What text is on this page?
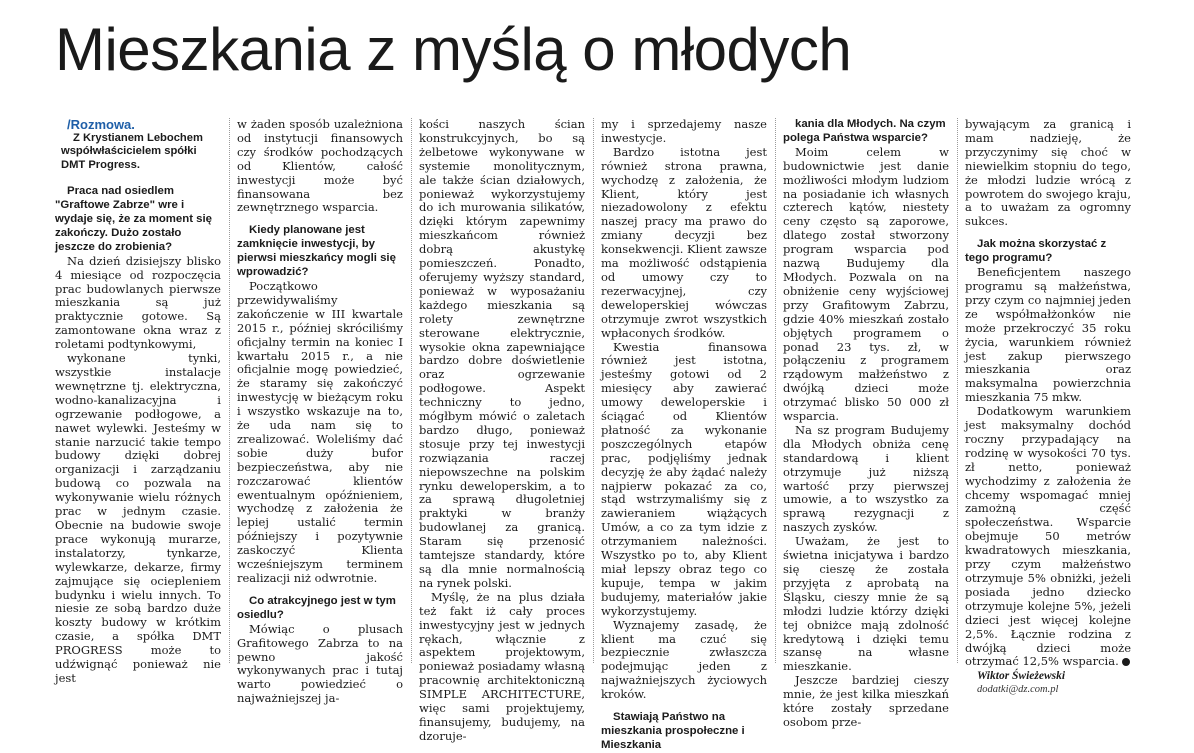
Mieszkania z myślą o młodych

/Rozmowa.

Z Krystianem Lebochem współwłaścicielem spółki DMT Progress.

Praca nad osiedlem "Graftowe Zabrze" wre i wydaje się, że za moment się zakończy. Dużo zostało jeszcze do zrobienia?

Na dzień dzisiejszy blisko 4 miesiące od rozpoczęcia prac budowlanych pierwsze mieszkania są już praktycznie gotowe. Są zamontowane okna wraz z roletami podtynkowymi,

wykonane tynki, wszystkie instalacje wewnętrzne tj. elektryczna, wodno-kanalizacyjna i ogrzewanie podłogowe, a nawet wylewki. Jesteśmy w stanie narzucić takie tempo budowy dzięki dobrej organizacji i zarządzaniu budową co pozwala na wykonywanie wielu różnych prac w jednym czasie. Obecnie na budowie swoje prace wykonują murarze, instalatorzy, tynkarze, wylewkarze, dekarze, firmy zajmujące się ociepleniem budynku i wielu innych. To niesie ze sobą bardzo duże koszty budowy w krótkim czasie, a spółka DMT PROGRESS może to udźwignąć ponieważ nie jest

w żaden sposób uzależniona od instytucji finansowych czy środków pochodzących od Klientów, całość inwestycji może być finansowana bez zewnętrznego wsparcia.

Kiedy planowane jest zamknięcie inwestycji, by pierwsi mieszkańcy mogli się wprowadzić?

Początkowo przewidywaliśmy zakończenie w III kwartale 2015 r., później skróciliśmy oficjalny termin na koniec I kwartału 2015 r., a nie oficjalnie mogę powiedzieć, że staramy się zakończyć inwestycję w bieżącym roku i wszystko wskazuje na to, że uda nam się to zrealizować. Woleliśmy dać sobie duży bufor bezpieczeństwa, aby nie rozczarować klientów ewentualnym opóźnieniem, wychodzę z założenia że lepiej ustalić termin późniejszy i pozytywnie zaskoczyć Klienta wcześniejszym terminem realizacji niż odwrotnie.

Co atrakcyjnego jest w tym osiedlu?

Mówiąc o plusach Grafitowego Zabrza to na pewno jakość wykonywanych prac i tutaj warto powiedzieć o najważniejszej ja-

kości naszych ścian konstrukcyjnych, bo są żelbetowe wykonywane w systemie monolitycznym, ale także ścian działowych, ponieważ wykorzystujemy do ich murowania silikatów, dzięki którym zapewnimy mieszkańcom również dobrą akustykę pomieszczeń. Ponadto, oferujemy wyższy standard, ponieważ w wyposażaniu każdego mieszkania są rolety zewnętrzne sterowane elektrycznie, wysokie okna zapewniające bardzo dobre doświetlenie oraz ogrzewanie podłogowe. Aspekt techniczny to jedno, mógłbym mówić o zaletach bardzo długo, ponieważ stosuje przy tej inwestycji rozwiązania raczej niepowszechne na polskim rynku deweloperskim, a to za sprawą długoletniej praktyki w branży budowlanej za granicą. Staram się przenosić tamtejsze standardy, które są dla mnie normalnością na rynek polski.

Myślę, że na plus działa też fakt iż cały proces inwestycyjny jest w jednych rękach, włącznie z aspektem projektowym, ponieważ posiadamy własną pracownię architektoniczną SIMPLE ARCHITECTURE, więc sami projektujemy, finansujemy, budujemy, na dzoruje-

my i sprzedajemy nasze inwestycje.

Bardzo istotna jest również strona prawna, wychodzę z założenia, że Klient, który jest niezadowolony z efektu naszej pracy ma prawo do zmiany decyzji bez konsekwencji. Klient zawsze ma możliwość odstąpienia od umowy czy to rezerwacyjnej, czy deweloperskiej wówczas otrzymuje zwrot wszystkich wpłaconych środków.

Kwestia finansowa również jest istotna, jesteśmy gotowi od 2 miesięcy aby zawierać umowy deweloperskie i ściągać od Klientów płatność za wykonanie poszczególnych etapów prac, podjęliśmy jednak decyzję że aby żądać należy najpierw pokazać za co, stąd wstrzymaliśmy się z zawieraniem wiążących Umów, a co za tym idzie z otrzymaniem należności. Wszystko po to, aby Klient miał lepszy obraz tego co kupuje, tempa w jakim budujemy, materiałów jakie wykorzystujemy.

Wyznajemy zasadę, że klient ma czuć się bezpiecznie zwłaszcza podejmując jeden z najważniejszych życiowych kroków.

Stawiają Państwo na mieszkania prospołeczne i Mieszkania

kania dla Młodych. Na czym polega Państwa wsparcie?

Moim celem w budownictwie jest danie możliwości młodym ludziom na posiadanie ich własnych czterech kątów, niestety ceny często są zaporowe, dlatego został stworzony program wsparcia pod nazwą Budujemy dla Młodych. Pozwala on na obniżenie ceny wyjściowej przy Grafitowym Zabrzu, gdzie 40% mieszkań zostało objętych programem o ponad 23 tys. zł, w połączeniu z programem rządowym małżeństwo z dwójką dzieci może otrzymać blisko 50 000 zł wsparcia.

Na sz program Budujemy dla Młodych obniża cenę standardową i klient otrzymuje już niższą wartość przy pierwszej umowie, a to wszystko za sprawą rezygnacji z naszych zysków.

Uważam, że jest to świetna inicjatywa i bardzo się cieszę że została przyjęta z aprobatą na Śląsku, cieszy mnie że są młodzi ludzie którzy dzięki tej obniżce mają zdolność kredytową i dzięki temu szansę na własne mieszkanie.

Jeszcze bardziej cieszy mnie, że jest kilka mieszkań które zostały sprzedane osobom prze-

bywającym za granicą i mam nadzieję, że przyczynimy się choć w niewielkim stopniu do tego, że młodzi ludzie wrócą z powrotem do swojego kraju, a to uważam za ogromny sukces.

Jak można skorzystać z tego programu?

Beneficjentem naszego programu są małżeństwa, przy czym co najmniej jeden ze współmałżonków nie może przekroczyć 35 roku życia, warunkiem również jest zakup pierwszego mieszkania oraz maksymalna powierzchnia mieszkania 75 mkw.

Dodatkowym warunkiem jest maksymalny dochód roczny przypadający na rodzinę w wysokości 70 tys. zł netto, ponieważ wychodzimy z założenia że chcemy wspomagać mniej zamożną część społeczeństwa. Wsparcie obejmuje 50 metrów kwadratowych mieszkania, przy czym małżeństwo otrzymuje 5% obniżki, jeżeli posiada jedno dziecko otrzymuje kolejne 5%, jeżeli dzieci jest więcej kolejne 2,5%. Łącznie rodzina z dwójką dzieci może otrzymać 12,5% wsparcia.

Wiktor Świeżewski

dodatki@dz.com.pl
